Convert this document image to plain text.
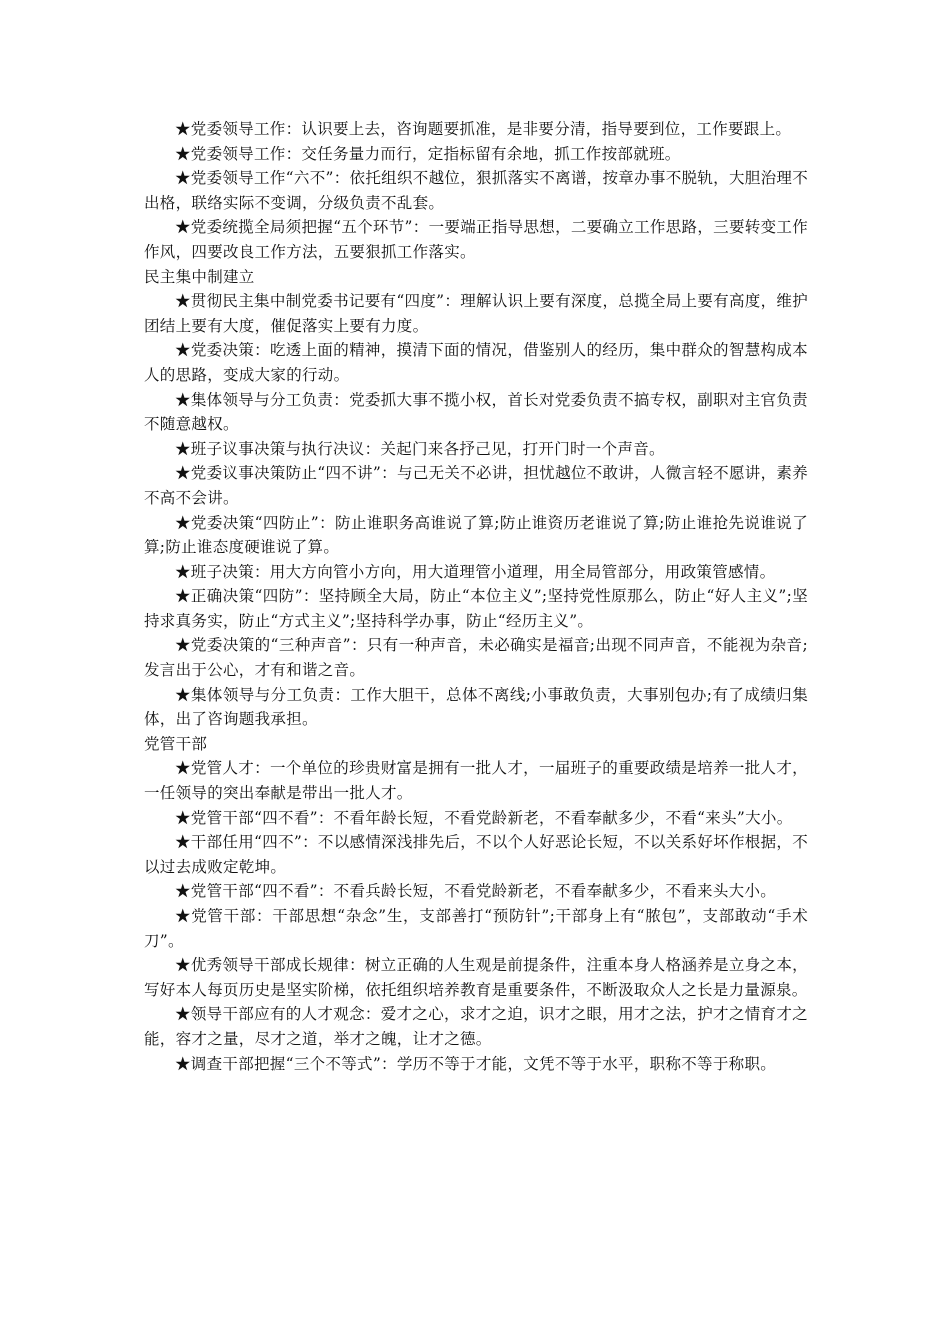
★党委领导工作：认识要上去，咨询题要抓准，是非要分清，指导要到位，工作要跟上。

★党委领导工作：交任务量力而行，定指标留有余地，抓工作按部就班。

★党委领导工作“六不”：依托组织不越位，狠抓落实不离谱，按章办事不脱轨，大胆治理不出格，联络实际不变调，分级负责不乱套。

★党委统揽全局须把握“五个环节”：一要端正指导思想，二要确立工作思路，三要转变工作作风，四要改良工作方法，五要狠抓工作落实。

民主集中制建立

★贯彻民主集中制党委书记要有“四度”：理解认识上要有深度，总揽全局上要有高度，维护团结上要有大度，催促落实上要有力度。

★党委决策：吃透上面的精神，摸清下面的情况，借鉴别人的经历，集中群众的智慧构成本人的思路，变成大家的行动。

★集体领导与分工负责：党委抓大事不揽小权，首长对党委负责不搞专权，副职对主官负责不随意越权。

★班子议事决策与执行决议：关起门来各抒己见，打开门时一个声音。

★党委议事决策防止“四不讲”：与己无关不必讲，担忧越位不敢讲，人微言轻不愿讲，素养不高不会讲。

★党委决策“四防止”：防止谁职务高谁说了算;防止谁资历老谁说了算;防止谁抢先说谁说了算;防止谁态度硬谁说了算。

★班子决策：用大方向管小方向，用大道理管小道理，用全局管部分，用政策管感情。

★正确决策“四防”：坚持顾全大局，防止“本位主义”;坚持党性原那么，防止“好人主义”;坚持求真务实，防止“方式主义”;坚持科学办事，防止“经历主义”。

★党委决策的“三种声音”：只有一种声音，未必确实是福音;出现不同声音，不能视为杂音;发言出于公心，才有和谐之音。

★集体领导与分工负责：工作大胆干，总体不离线;小事敢负责，大事别包办;有了成绩归集体，出了咨询题我承担。

党管干部

★党管人才：一个单位的珍贵财富是拥有一批人才，一届班子的重要政绩是培养一批人才，一任领导的突出奉献是带出一批人才。

★党管干部“四不看”：不看年龄长短，不看党龄新老，不看奉献多少，不看“来头”大小。

★干部任用“四不”：不以感情深浅排先后，不以个人好恶论长短，不以关系好坏作根据，不以过去成败定乾坤。

★党管干部“四不看”：不看兵龄长短，不看党龄新老，不看奉献多少，不看来头大小。

★党管干部：干部思想“杂念”生，支部善打“预防针”;干部身上有“脓包”，支部敢动“手术刀”。

★优秀领导干部成长规律：树立正确的人生观是前提条件，注重本身人格涵养是立身之本，写好本人每页历史是坚实阶梯，依托组织培养教育是重要条件，不断汲取众人之长是力量源泉。

★领导干部应有的人才观念：爱才之心，求才之迫，识才之眼，用才之法，护才之情育才之能，容才之量，尽才之道，举才之魄，让才之德。

★调查干部把握“三个不等式”：学历不等于才能，文凭不等于水平，职称不等于称职。
